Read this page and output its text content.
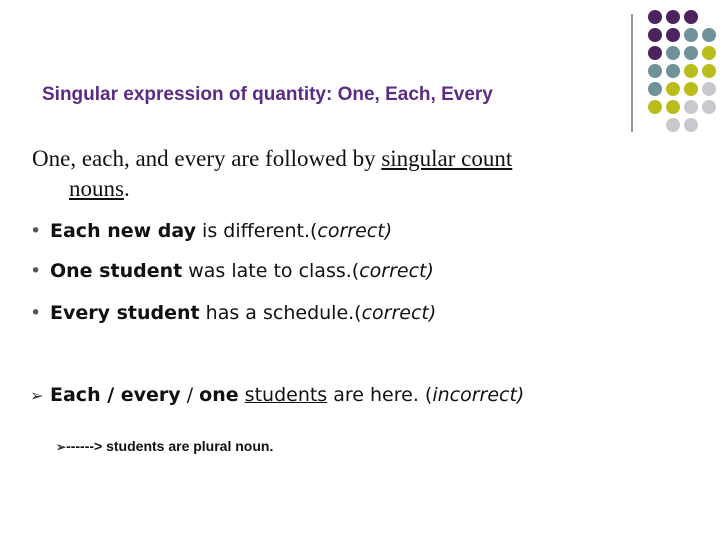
Singular expression of quantity: One, Each, Every
One, each, and every are followed by singular count
nouns.
• Each new day is different.(correct)
• One student was late to class.(correct)
• Every student has a schedule.(correct)
➢ Each / every / one students are here. (incorrect)
➢------> students are plural noun.
